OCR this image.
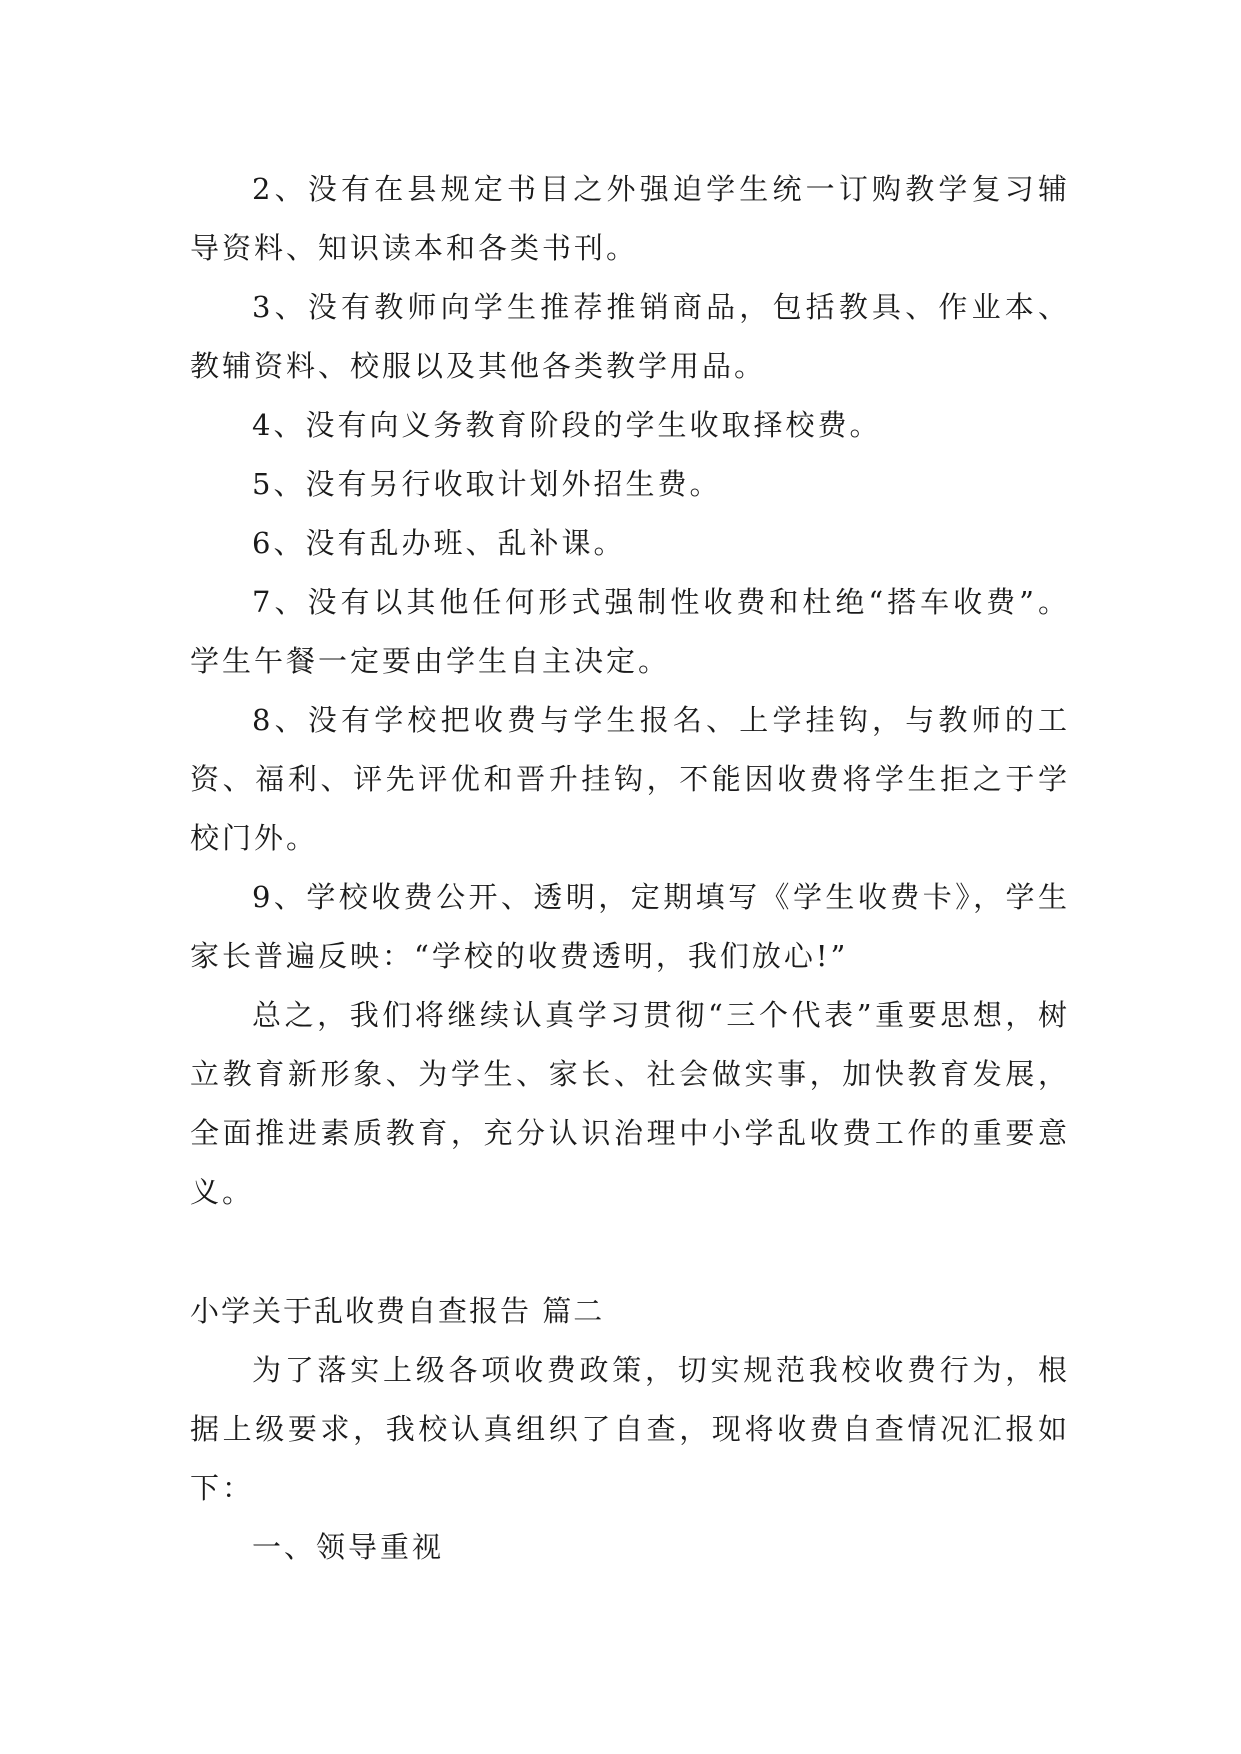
2、没有在县规定书目之外强迫学生统一订购教学复习辅导资料、知识读本和各类书刊。

3、没有教师向学生推荐推销商品，包括教具、作业本、教辅资料、校服以及其他各类教学用品。

4、没有向义务教育阶段的学生收取择校费。

5、没有另行收取计划外招生费。

6、没有乱办班、乱补课。

7、没有以其他任何形式强制性收费和杜绝“搭车收费”。学生午餐一定要由学生自主决定。

8、没有学校把收费与学生报名、上学挂钩，与教师的工资、福利、评先评优和晋升挂钩，不能因收费将学生拒之于学校门外。

9、学校收费公开、透明，定期填写《学生收费卡》，学生家长普遍反映：“学校的收费透明，我们放心!”

总之，我们将继续认真学习贯彻“三个代表”重要思想，树立教育新形象、为学生、家长、社会做实事，加快教育发展，全面推进素质教育，充分认识治理中小学乱收费工作的重要意义。

小学关于乱收费自查报告 篇二

为了落实上级各项收费政策，切实规范我校收费行为，根据上级要求，我校认真组织了自查，现将收费自查情况汇报如下：

一、领导重视
